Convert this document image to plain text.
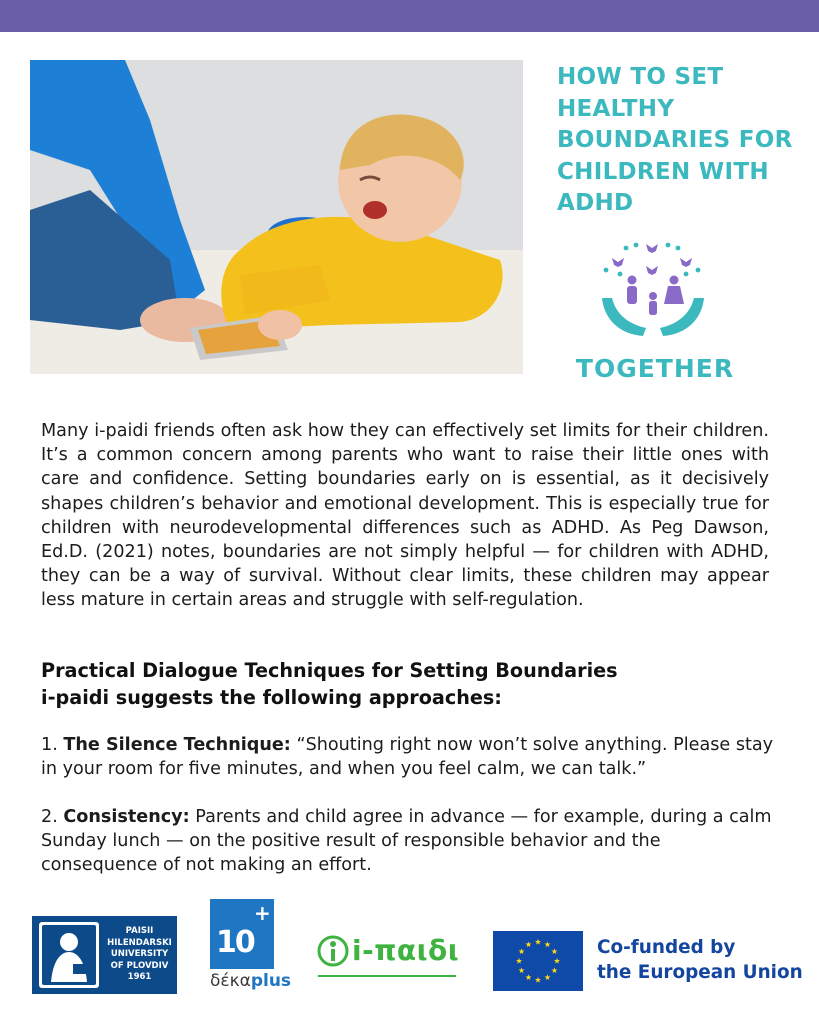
HOW TO SET HEALTHY BOUNDARIES FOR CHILDREN WITH ADHD
TOGETHER

Many i-paidi friends often ask how they can effectively set limits for their children. It’s a common concern among parents who want to raise their little ones with care and confidence. Setting boundaries early on is essential, as it decisively shapes children’s behavior and emotional development. This is especially true for children with neurodevelopmental differences such as ADHD. As Peg Dawson, Ed.D. (2021) notes, boundaries are not simply helpful — for children with ADHD, they can be a way of survival. Without clear limits, these children may appear less mature in certain areas and struggle with self-regulation.

Practical Dialogue Techniques for Setting Boundaries
i-paidi suggests the following approaches:

1. The Silence Technique: “Shouting right now won’t solve anything. Please stay in your room for five minutes, and when you feel calm, we can talk.”

2. Consistency: Parents and child agree in advance — for example, during a calm Sunday lunch — on the positive result of responsible behavior and the consequence of not making an effort.

PAISII
HILENDARSKI
UNIVERSITY
OF PLOVDIV
1961
10
+
δέκαplus
i-παιδι	Co-funded by
the European Union
